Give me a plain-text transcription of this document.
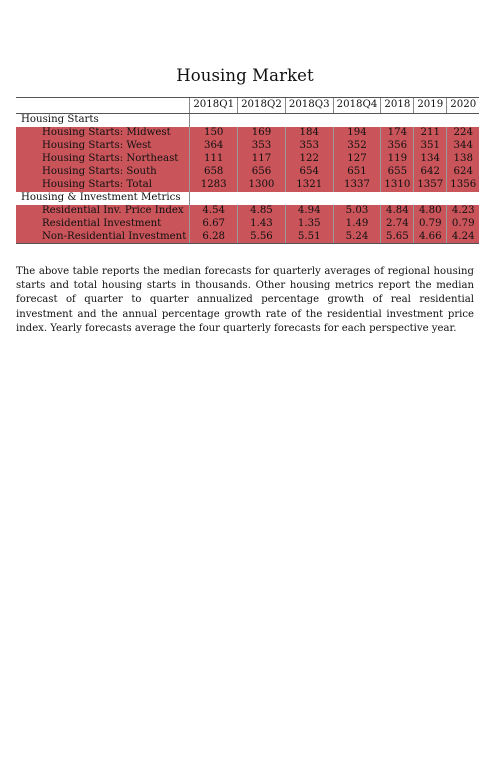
Housing Market
	2018Q1	2018Q2	2018Q3	2018Q4	2018	2019	2020
Housing Starts							
Housing Starts: Midwest	150	169	184	194	174	211	224
Housing Starts: West	364	353	353	352	356	351	344
Housing Starts: Northeast	111	117	122	127	119	134	138
Housing Starts: South	658	656	654	651	655	642	624
Housing Starts: Total	1283	1300	1321	1337	1310	1357	1356
Housing & Investment Metrics							
Residential Inv. Price Index	4.54	4.85	4.94	5.03	4.84	4.80	4.23
Residential Investment	6.67	1.43	1.35	1.49	2.74	0.79	0.79
Non-Residential Investment	6.28	5.56	5.51	5.24	5.65	4.66	4.24
The above table reports the median forecasts for quarterly averages of regional housing starts and total housing starts in thousands. Other housing metrics report the median forecast of quarter to quarter annualized percentage growth of real residential investment and the annual percentage growth rate of the residential investment price index. Yearly forecasts average the four quarterly forecasts for each perspective year.
